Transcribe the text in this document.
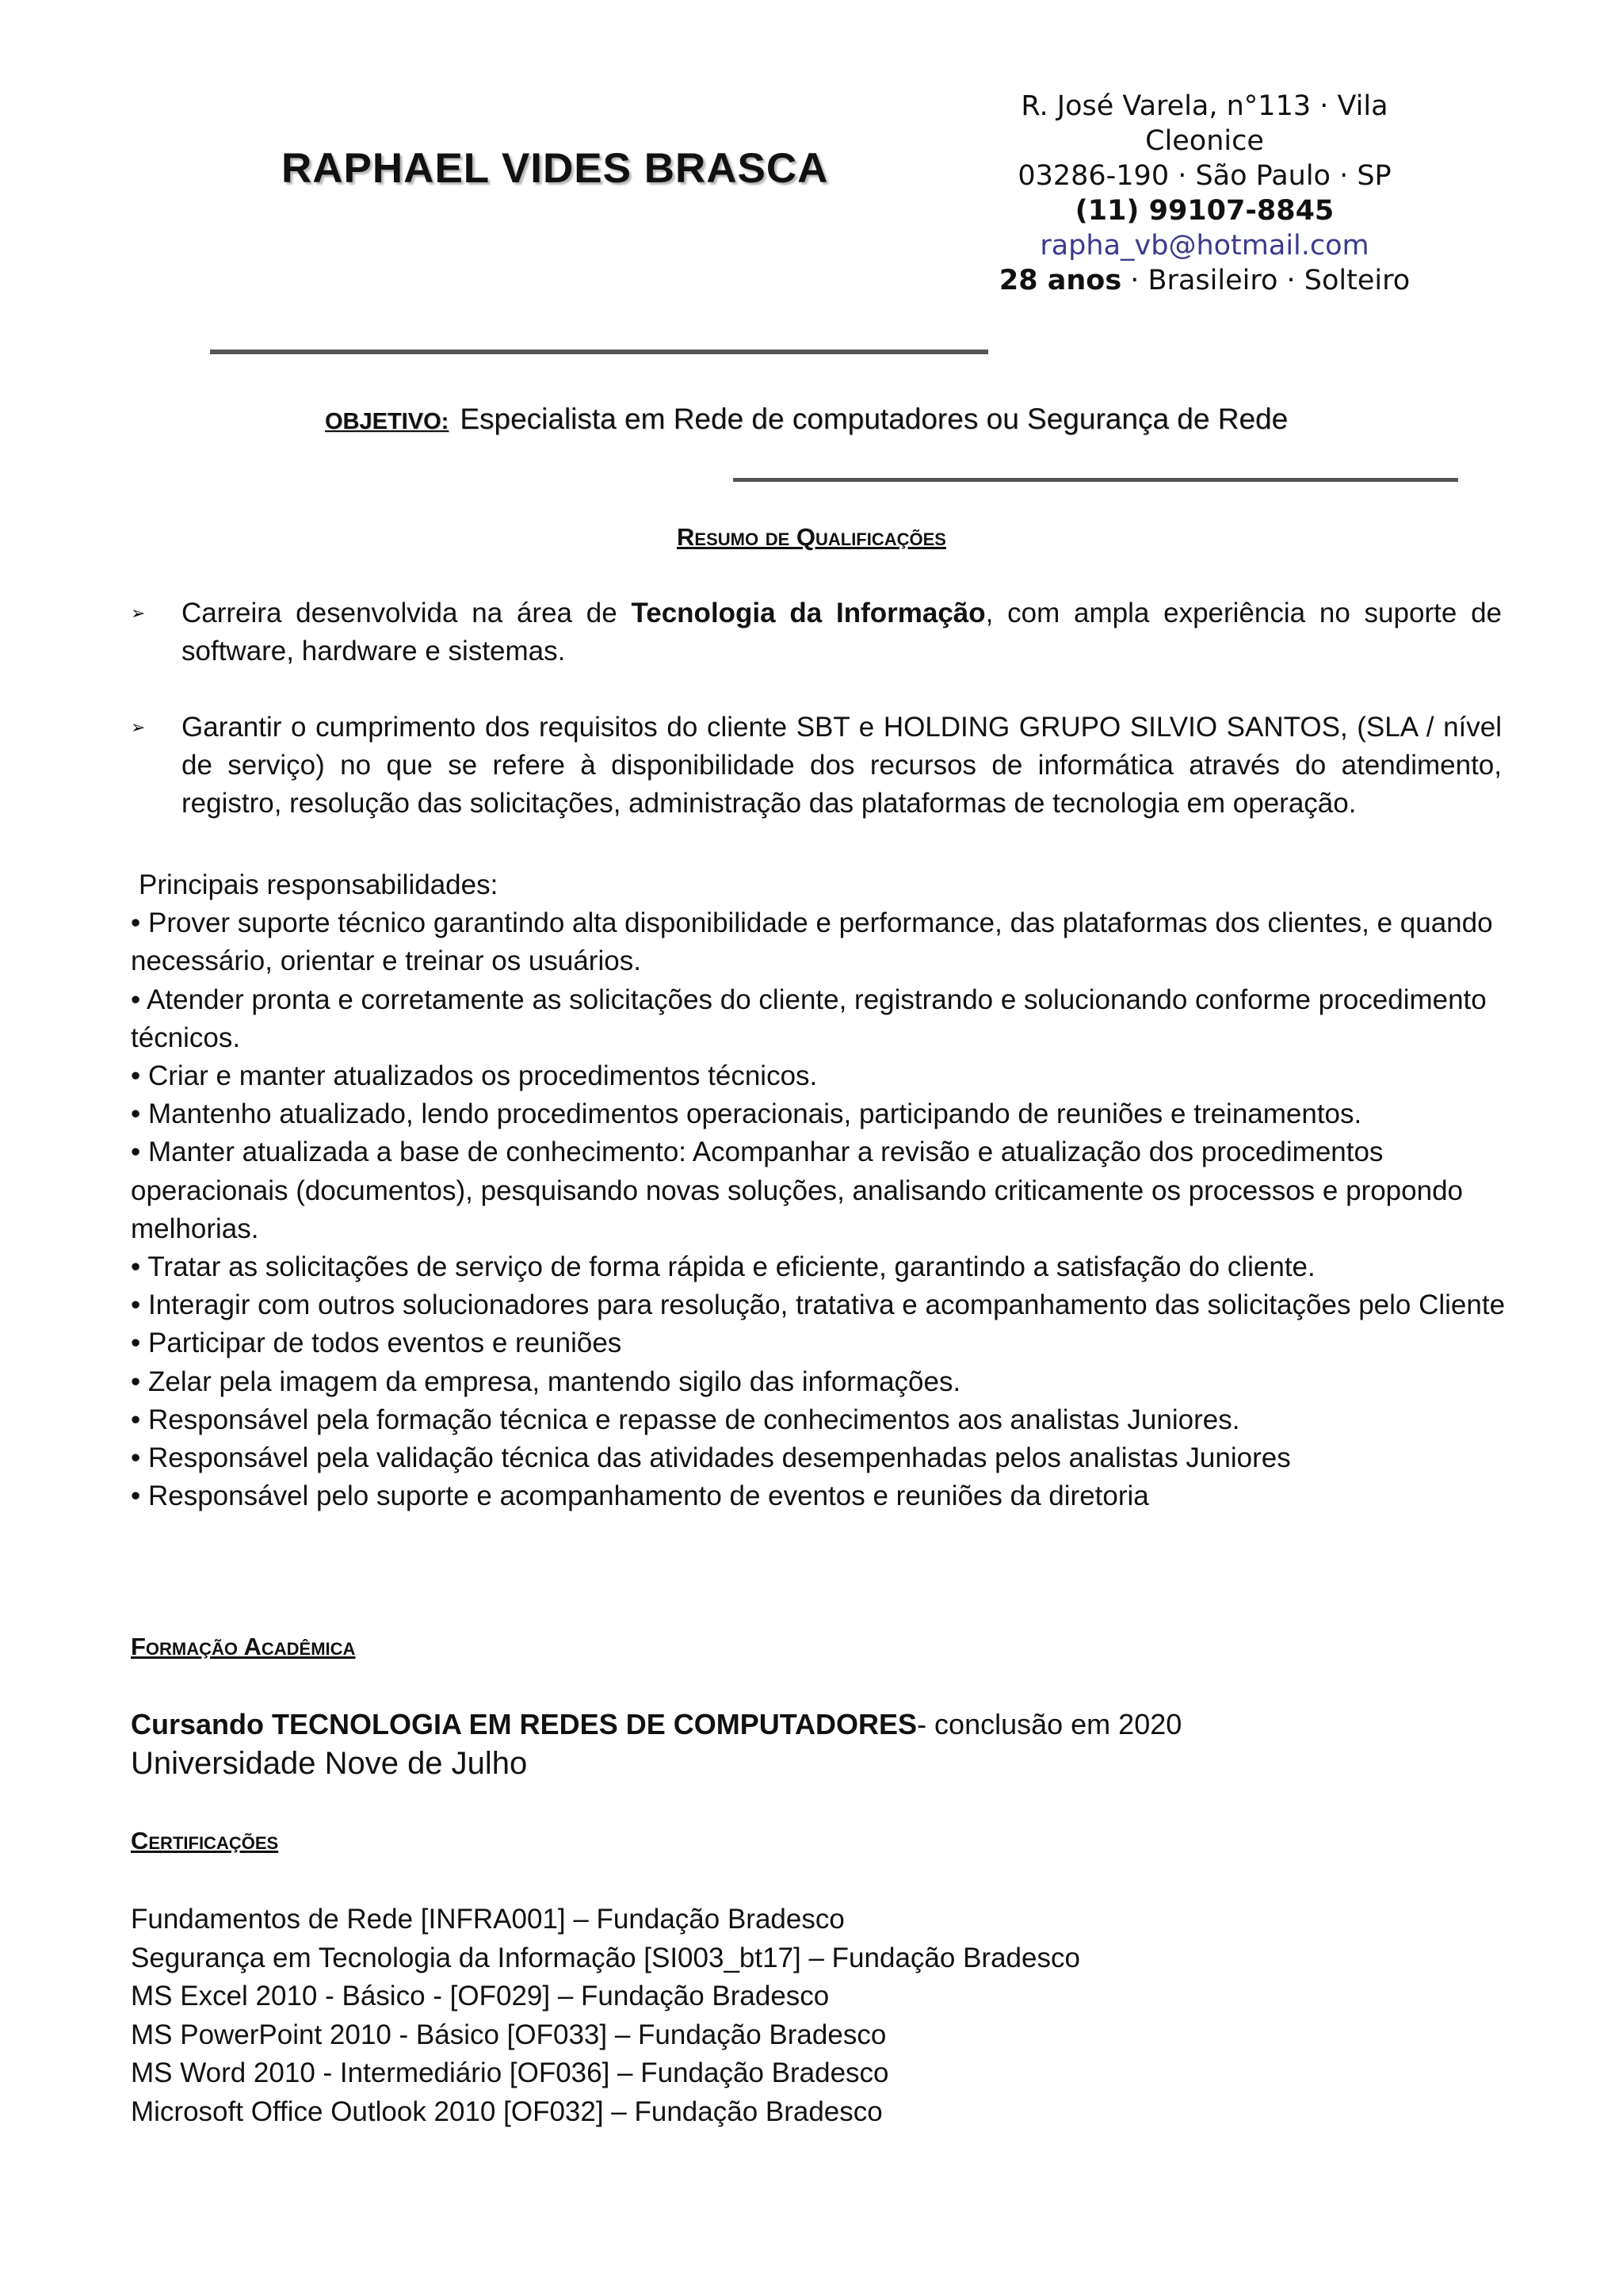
RAPHAEL VIDES BRASCA
R. José Varela, n°113 · Vila
Cleonice
03286-190 · São Paulo · SP
(11) 99107-8845
rapha_vb@hotmail.com
28 anos · Brasileiro · Solteiro
OBJETIVO: Especialista em Rede de computadores ou Segurança de Rede
Resumo de Qualificações
➢ Carreira desenvolvida na área de Tecnologia da Informação, com ampla experiência no suporte de software, hardware e sistemas.
➢ Garantir o cumprimento dos requisitos do cliente SBT e HOLDING GRUPO SILVIO SANTOS, (SLA / nível de serviço) no que se refere à disponibilidade dos recursos de informática através do atendimento, registro, resolução das solicitações, administração das plataformas de tecnologia em operação.
Principais responsabilidades:
• Prover suporte técnico garantindo alta disponibilidade e performance, das plataformas dos clientes, e quando necessário, orientar e treinar os usuários.
• Atender pronta e corretamente as solicitações do cliente, registrando e solucionando conforme procedimento técnicos.
• Criar e manter atualizados os procedimentos técnicos.
• Mantenho atualizado, lendo procedimentos operacionais, participando de reuniões e treinamentos.
• Manter atualizada a base de conhecimento: Acompanhar a revisão e atualização dos procedimentos operacionais (documentos), pesquisando novas soluções, analisando criticamente os processos e propondo melhorias.
• Tratar as solicitações de serviço de forma rápida e eficiente, garantindo a satisfação do cliente.
• Interagir com outros solucionadores para resolução, tratativa e acompanhamento das solicitações pelo Cliente
• Participar de todos eventos e reuniões
• Zelar pela imagem da empresa, mantendo sigilo das informações.
• Responsável pela formação técnica e repasse de conhecimentos aos analistas Juniores.
• Responsável pela validação técnica das atividades desempenhadas pelos analistas Juniores
• Responsável pelo suporte e acompanhamento de eventos e reuniões da diretoria
Formação Acadêmica
Cursando TECNOLOGIA EM REDES DE COMPUTADORES- conclusão em 2020
Universidade Nove de Julho
Certificações
Fundamentos de Rede [INFRA001] – Fundação Bradesco
Segurança em Tecnologia da Informação [SI003_bt17] – Fundação Bradesco
MS Excel 2010 - Básico - [OF029] – Fundação Bradesco
MS PowerPoint 2010 - Básico [OF033] – Fundação Bradesco
MS Word 2010 - Intermediário [OF036] – Fundação Bradesco
Microsoft Office Outlook 2010 [OF032] – Fundação Bradesco
